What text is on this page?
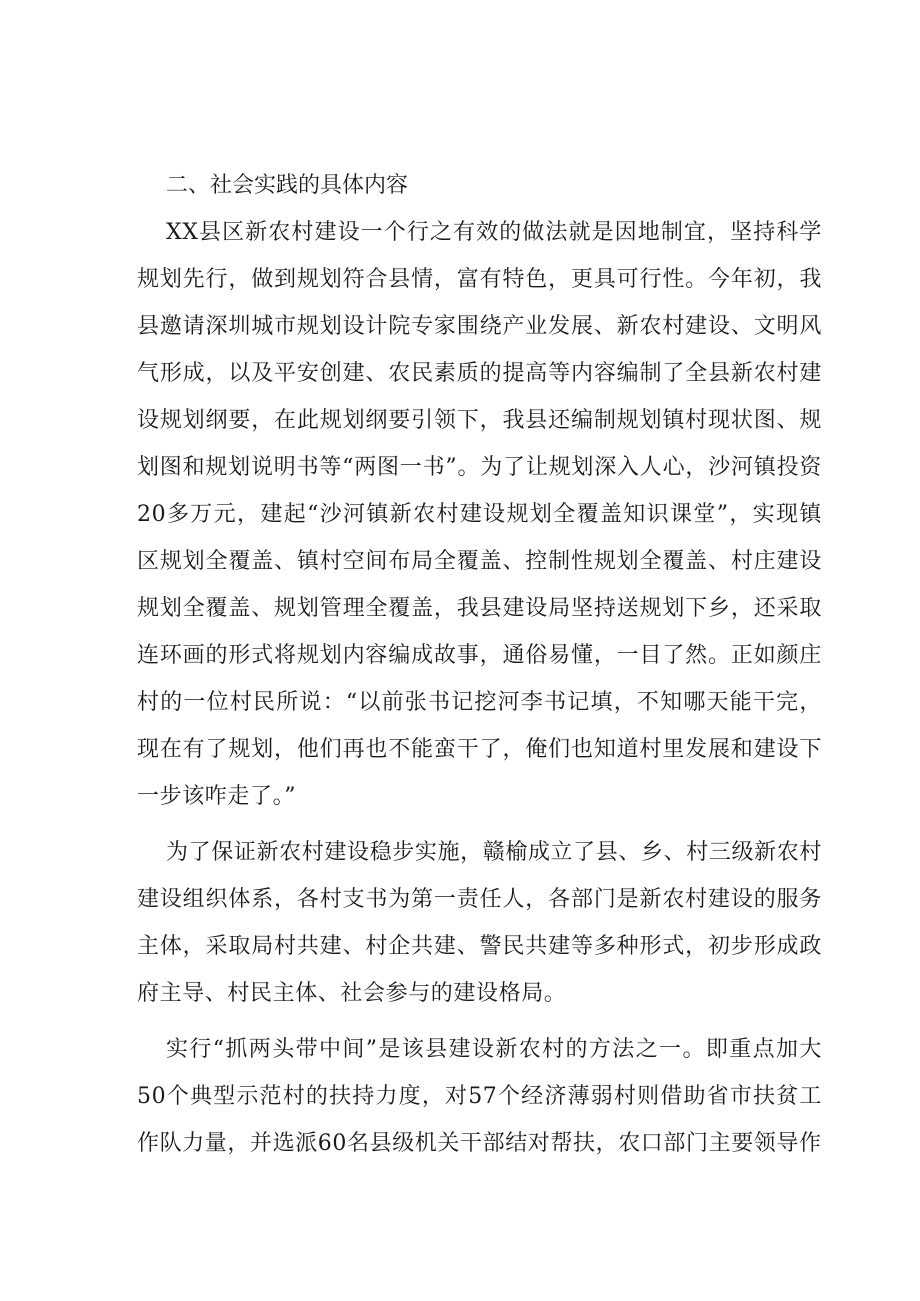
二、社会实践的具体内容

XX县区新农村建设一个行之有效的做法就是因地制宜，坚持科学规划先行，做到规划符合县情，富有特色，更具可行性。今年初，我县邀请深圳城市规划设计院专家围绕产业发展、新农村建设、文明风气形成，以及平安创建、农民素质的提高等内容编制了全县新农村建设规划纲要，在此规划纲要引领下，我县还编制规划镇村现状图、规划图和规划说明书等“两图一书”。为了让规划深入人心，沙河镇投资20多万元，建起“沙河镇新农村建设规划全覆盖知识课堂”，实现镇区规划全覆盖、镇村空间布局全覆盖、控制性规划全覆盖、村庄建设规划全覆盖、规划管理全覆盖，我县建设局坚持送规划下乡，还采取连环画的形式将规划内容编成故事，通俗易懂，一目了然。正如颜庄村的一位村民所说：“以前张书记挖河李书记填，不知哪天能干完，现在有了规划，他们再也不能蛮干了，俺们也知道村里发展和建设下一步该咋走了。”

为了保证新农村建设稳步实施，赣榆成立了县、乡、村三级新农村建设组织体系，各村支书为第一责任人，各部门是新农村建设的服务主体，采取局村共建、村企共建、警民共建等多种形式，初步形成政府主导、村民主体、社会参与的建设格局。

实行“抓两头带中间”是该县建设新农村的方法之一。即重点加大50个典型示范村的扶持力度，对57个经济薄弱村则借助省市扶贫工作队力量，并选派60名县级机关干部结对帮扶，农口部门主要领导作
